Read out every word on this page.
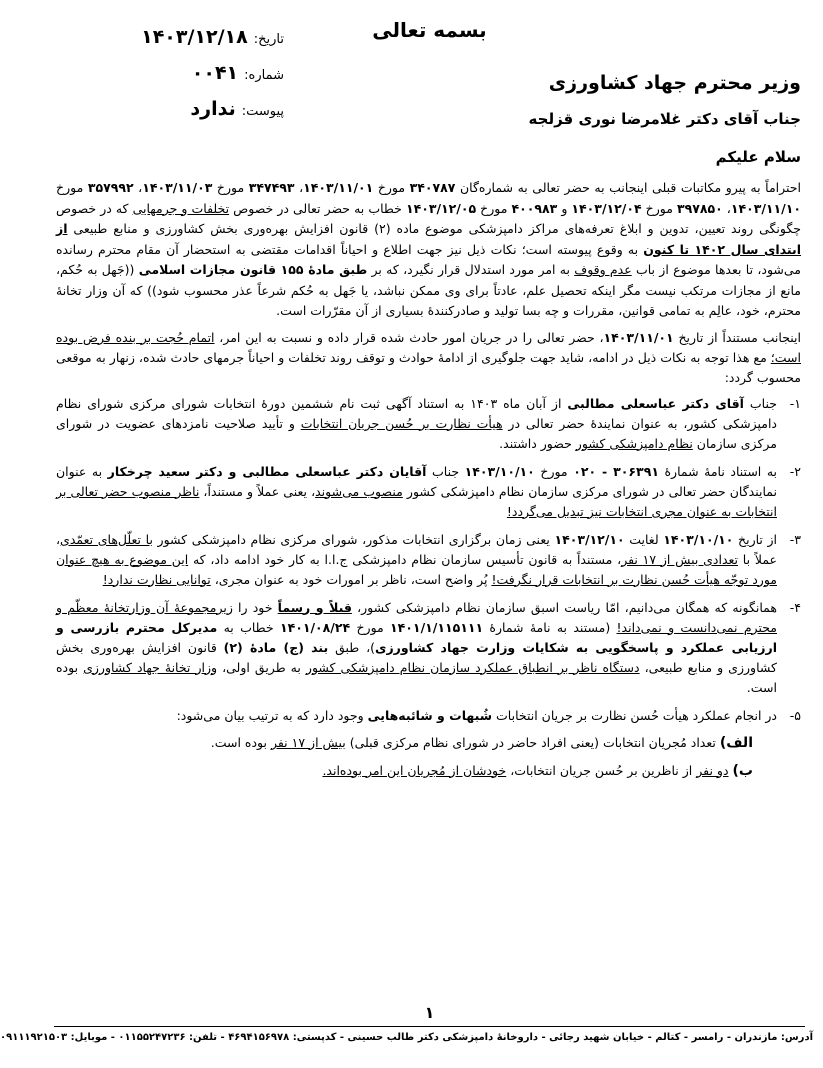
بسمه تعالی
تاریخ:
۱۴۰۳/۱۲/۱۸
شماره:
۰۰۴۱
پیوست:
ندارد
وزیر محترم جهاد کشاورزی
جناب آقای دکتر غلامرضا نوری قزلجه
سلام علیکم

احتراماً به پیرو مکاتبات قبلی اینجانب به حضر تعالی به شماره‌گان ۳۴۰۷۸۷ مورخ ۱۴۰۳/۱۱/۰۱، ۳۴۷۴۹۳ مورخ ۱۴۰۳/۱۱/۰۳، ۳۵۷۹۹۲ مورخ ۱۴۰۳/۱۱/۱۰، ۳۹۷۸۵۰ مورخ ۱۴۰۳/۱۲/۰۴ و ۴۰۰۹۸۳ مورخ ۱۴۰۳/۱۲/۰۵ خطاب به حضر تعالی در خصوص تخلفات و جرمهایی که در خصوص چگونگی روند تعیین، تدوین و ابلاغ تعرفه‌های مراکز دامپزشکی موضوع ماده (۲) قانون افزایش بهره‌وری بخش کشاورزی و منابع طبیعی از ابتدای سال ۱۴۰۲ تا کنون به وقوع پیوسته است؛ نکات ذیل نیز جهت اطلاع و احیاناً اقدامات مقتضی به استحضار آن مقام محترم رسانده می‌شود، تا بعدها موضوع از باب عدم وقوف به امر مورد استدلال قرار نگیرد، که بر طبق مادۀ ۱۵۵ قانون مجازات اسلامی ((جَهل به حُکم، مانع از مجازات مرتکب نیست مگر اینکه تحصیل علم، عادتاً برای وی ممکن نباشد، یا جَهل به حُکم شرعاً عذر محسوب شود)) که آن وزار تخانۀ محترم، خود، عالِم به تمامی قوانین، مقررات و چه بسا تولید و صادرکنندۀ بسیاری از آن مقرّرات است.

اینجانب مستنداً از تاریخ ۱۴۰۳/۱۱/۰۱، حضر تعالی را در جریان امور حادث شده قرار داده و نسبت به این امر، اتمام حُجت بر بنده فرض بوده است؛ مع هذا توجه به نکات ذیل در ادامه، شاید جهت جلوگیری از ادامۀ حوادث و توقف روند تخلفات و احیاناً جرمهای حادث شده، زنهار به موقعی محسوب گردد:

۱-
جناب آقای دکتر عباسعلی مطالبی از آبان ماه ۱۴۰۳ به استناد آگهی ثبت نام ششمین دورۀ انتخابات شورای مرکزی شورای نظام دامپزشکی کشور، به عنوان نمایندۀ حضر تعالی در هیأت نظارت بر حُسن جریان انتخابات و تأیید صلاحیت نامزدهای عضویت در شورای مرکزی سازمان نظام دامپزشکی کشور حضور داشتند.
۲-
به استناد نامۀ شمارۀ ۳۰۶۳۹۱ - ۰۲۰ مورخ ۱۴۰۳/۱۰/۱۰ جناب آقایان دکتر عباسعلی مطالبی و دکتر سعید چرخکار به عنوان نمایندگان حضر تعالی در شورای مرکزی سازمان نظام دامپزشکی کشور منصوب می‌شوند، یعنی عملاً و مستنداً، ناظر منصوب حضر تعالی بر انتخابات به عنوان مجری انتخابات نیز تبدیل می‌گردد!
۳-
از تاریخ ۱۴۰۳/۱۰/۱۰ لغایت ۱۴۰۳/۱۲/۱۰ یعنی زمان برگزاری انتخابات مذکور، شورای مرکزی نظام دامپزشکی کشور با تعلّل‌های تعمّدی، عملاً با تعدادی بیش از ۱۷ نفر، مستنداً به قانون تأسیس سازمان نظام دامپزشکی ج.ا.ا به کار خود ادامه داد، که این موضوع به هیچ عنوان مورد توجّه هیأت حُسن نظارت بر انتخابات قرار نگرفت! پُر واضح است، ناظر بر امورات خود به عنوان مجری، توانایی نظارت ندارد!
۴-
همانگونه که همگان می‌دانیم، امّا ریاست اسبق سازمان نظام دامپزشکی کشور، قبلاً و رسماً خود را زیرمجموعۀ آن وزارتخانۀ معظّم و محترم نمی‌دانست و نمی‌داند! (مستند به نامۀ شمارۀ ۱۴۰۱/۱/۱۱۵۱۱۱ مورخ ۱۴۰۱/۰۸/۲۴ خطاب به مدیرکل محترم بازرسی و ارزیابی عملکرد و پاسخگویی به شکایات وزارت جهاد کشاورزی)، طبق بند (ج) مادۀ (۲) قانون افزایش بهره‌وری بخش کشاورزی و منابع طبیعی، دستگاه ناظر بر انطباق عملکرد سازمان نظام دامپزشکی کشور به طریق اولی، وزار تخانۀ جهاد کشاورزی بوده است.
۵-
در انجام عملکرد هیأت حُسن نظارت بر جریان انتخابات شُبهات و شائبه‌هایی وجود دارد که به ترتیب بیان می‌شود:
الف)تعداد مُجریان انتخابات (یعنی افراد حاضر در شورای نظام مرکزی قبلی) بیش از ۱۷ نفر بوده است.
ب)دو نفر از ناظرین بر حُسن جریان انتخابات، خودشان از مُجریان این امر بوده‌اند.
۱
آدرس: مازندران - رامسر - کتالم - خیابان شهید رجائی - داروخانۀ دامپزشکی دکتر طالب حسینی - کدپستی: ۴۶۹۴۱۵۶۹۷۸ - تلفن: ۰۱۱۵۵۲۴۷۲۳۶ - موبایل: ۰۹۱۱۱۹۲۱۵۰۳
